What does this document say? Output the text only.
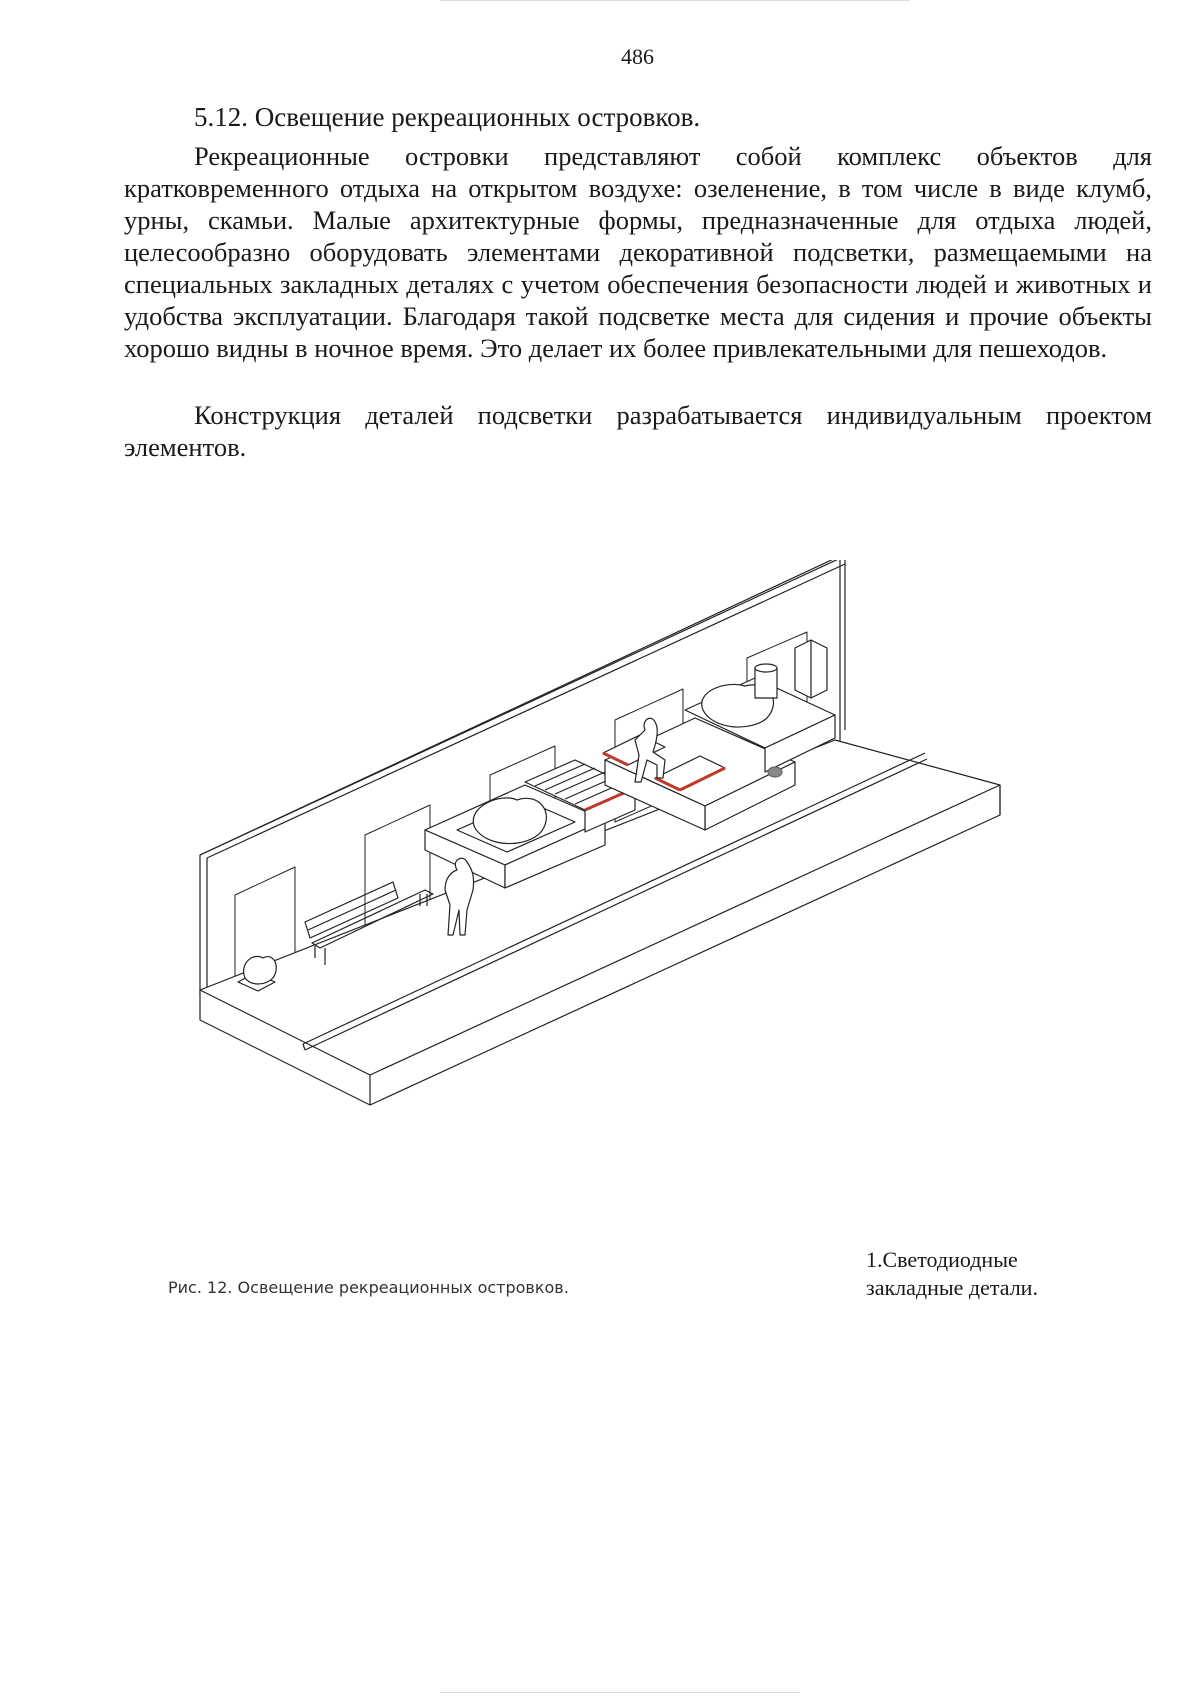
486
5.12. Освещение рекреационных островков.

Рекреационные островки представляют собой комплекс объектов для кратковременного отдыха на открытом воздухе: озеленение, в том числе в виде клумб, урны, скамьи. Малые архитектурные формы, предназначенные для отдыха людей, целесообразно оборудовать элементами декоративной подсветки, размещаемыми на специальных закладных деталях с учетом обеспечения безопасности людей и животных и удобства эксплуатации. Благодаря такой подсветке места для сидения и прочие объекты хорошо видны в ночное время. Это делает их более привлекательными для пешеходов.

Конструкция деталей подсветки разрабатывается индивидуальным проектом элементов.

Рис. 12. Освещение рекреационных островков.
1.Светодиодные
закладные детали.
